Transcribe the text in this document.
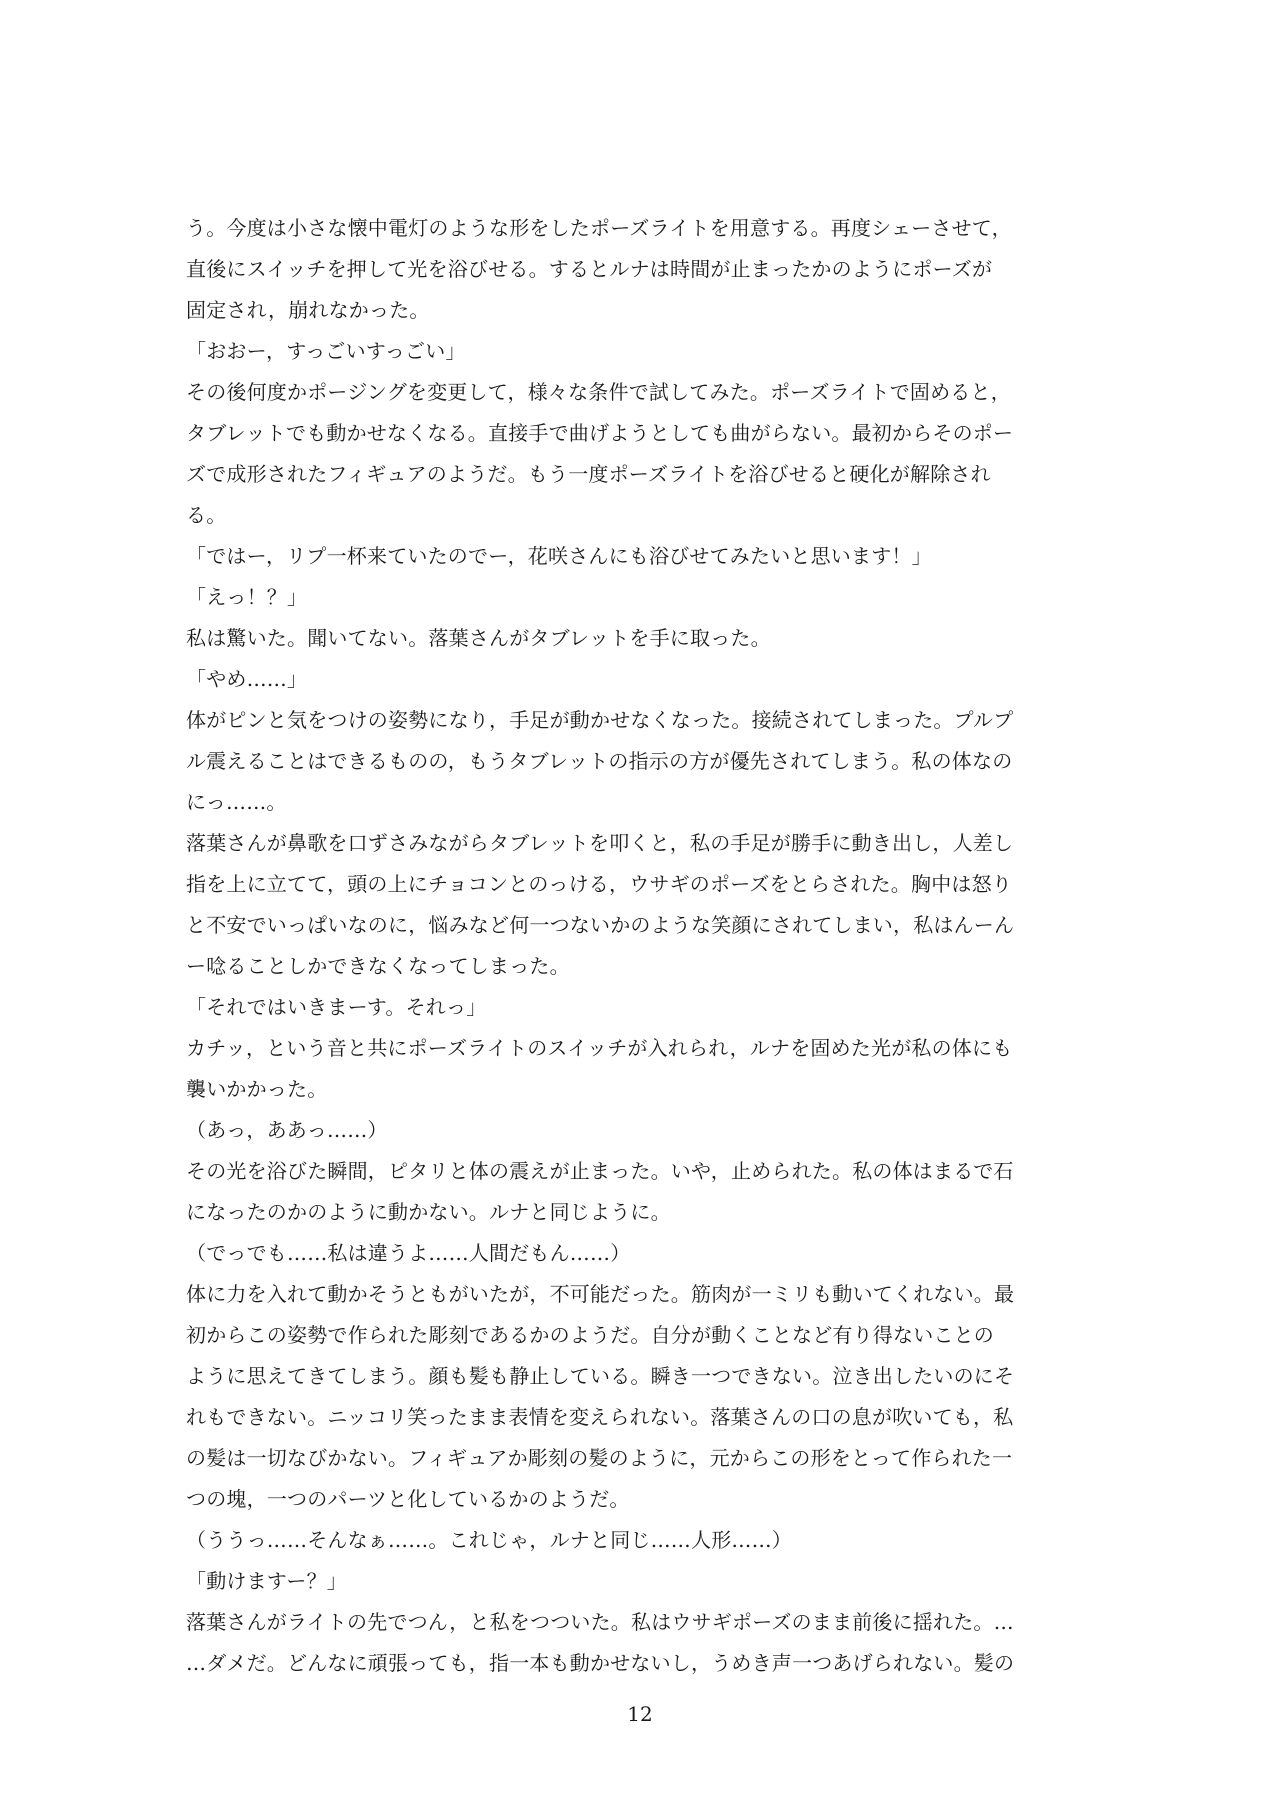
う。今度は小さな懐中電灯のような形をしたポーズライトを用意する。再度シェーさせて，
直後にスイッチを押して光を浴びせる。するとルナは時間が止まったかのようにポーズが
固定され，崩れなかった。
「おおー，すっごいすっごい」
その後何度かポージングを変更して，様々な条件で試してみた。ポーズライトで固めると，
タブレットでも動かせなくなる。直接手で曲げようとしても曲がらない。最初からそのポー
ズで成形されたフィギュアのようだ。もう一度ポーズライトを浴びせると硬化が解除され
る。
「ではー，リプ一杯来ていたのでー，花咲さんにも浴びせてみたいと思います！」
「えっ！？」
私は驚いた。聞いてない。落葉さんがタブレットを手に取った。
「やめ……」
体がピンと気をつけの姿勢になり，手足が動かせなくなった。接続されてしまった。プルプ
ル震えることはできるものの，もうタブレットの指示の方が優先されてしまう。私の体なの
にっ……。
落葉さんが鼻歌を口ずさみながらタブレットを叩くと，私の手足が勝手に動き出し，人差し
指を上に立てて，頭の上にチョコンとのっける，ウサギのポーズをとらされた。胸中は怒り
と不安でいっぱいなのに，悩みなど何一つないかのような笑顔にされてしまい，私はんーん
ー唸ることしかできなくなってしまった。
「それではいきまーす。それっ」
カチッ，という音と共にポーズライトのスイッチが入れられ，ルナを固めた光が私の体にも
襲いかかった。
（あっ，ああっ……）
その光を浴びた瞬間，ピタリと体の震えが止まった。いや，止められた。私の体はまるで石
になったのかのように動かない。ルナと同じように。
（でっでも……私は違うよ……人間だもん……）
体に力を入れて動かそうともがいたが，不可能だった。筋肉が一ミリも動いてくれない。最
初からこの姿勢で作られた彫刻であるかのようだ。自分が動くことなど有り得ないことの
ように思えてきてしまう。顔も髪も静止している。瞬き一つできない。泣き出したいのにそ
れもできない。ニッコリ笑ったまま表情を変えられない。落葉さんの口の息が吹いても，私
の髪は一切なびかない。フィギュアか彫刻の髪のように，元からこの形をとって作られた一
つの塊，一つのパーツと化しているかのようだ。
（ううっ……そんなぁ……。これじゃ，ルナと同じ……人形……）
「動けますー？」
落葉さんがライトの先でつん，と私をつついた。私はウサギポーズのまま前後に揺れた。…
…ダメだ。どんなに頑張っても，指一本も動かせないし，うめき声一つあげられない。髪の
12
